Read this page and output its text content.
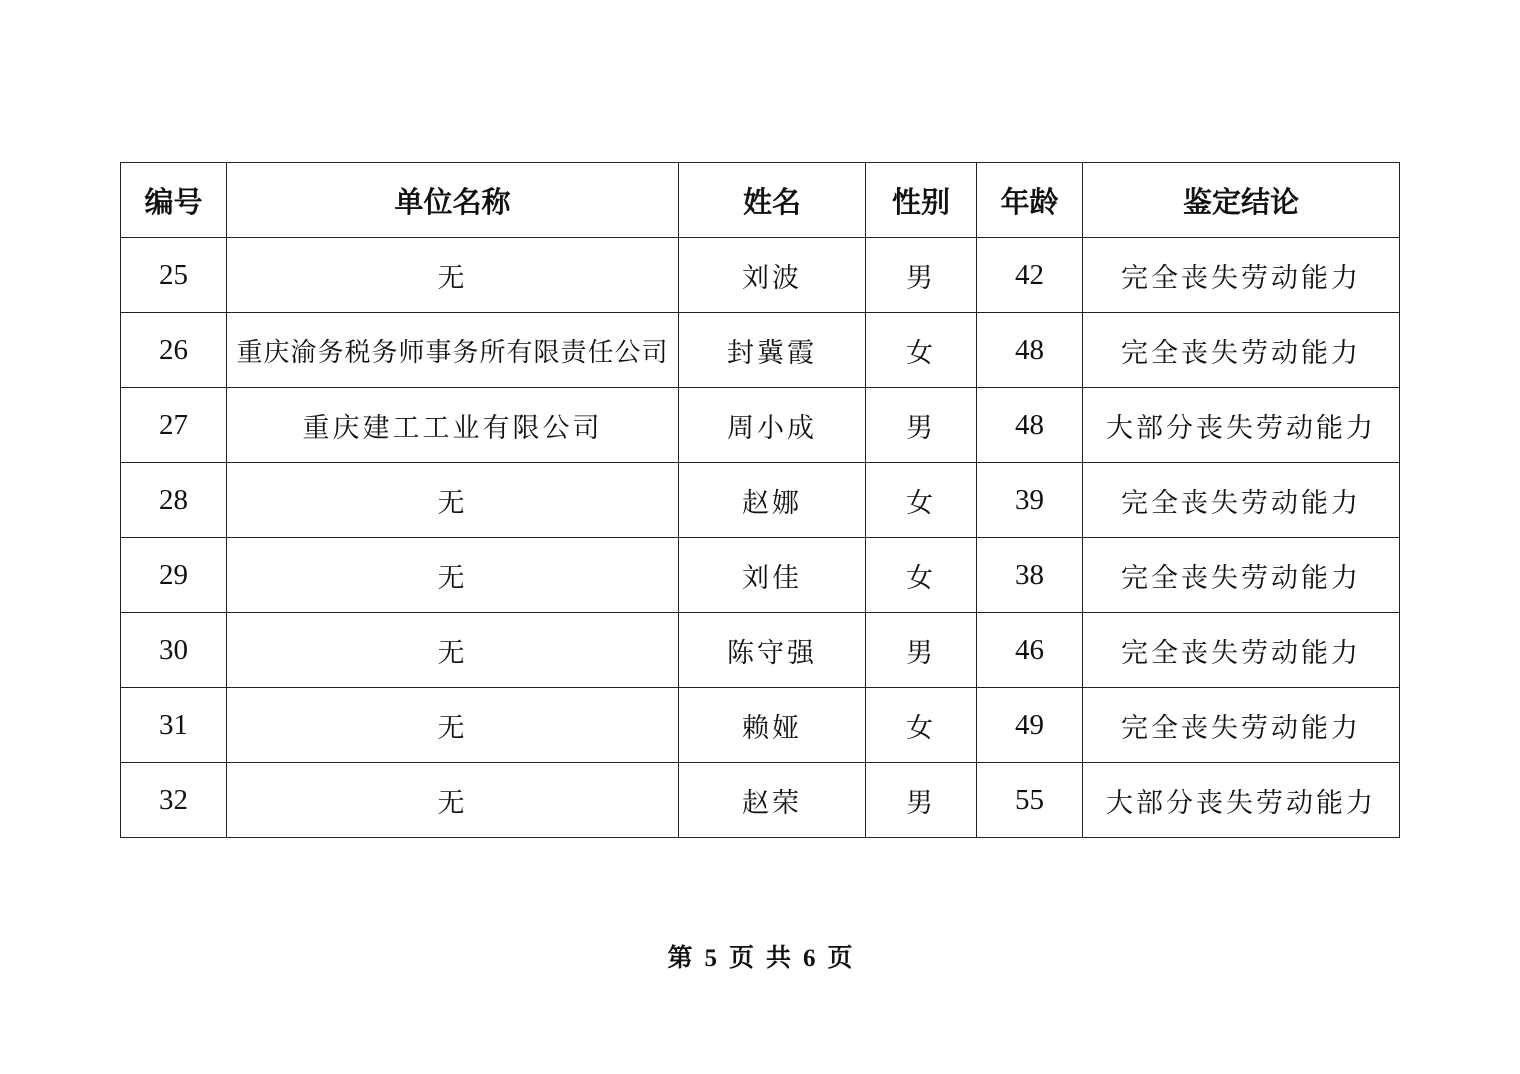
编号	单位名称	姓名	性别	年龄	鉴定结论
25	无	刘波	男	42	完全丧失劳动能力
26	重庆渝务税务师事务所有限责任公司	封冀霞	女	48	完全丧失劳动能力
27	重庆建工工业有限公司	周小成	男	48	大部分丧失劳动能力
28	无	赵娜	女	39	完全丧失劳动能力
29	无	刘佳	女	38	完全丧失劳动能力
30	无	陈守强	男	46	完全丧失劳动能力
31	无	赖娅	女	49	完全丧失劳动能力
32	无	赵荣	男	55	大部分丧失劳动能力
第 5 页 共 6 页
